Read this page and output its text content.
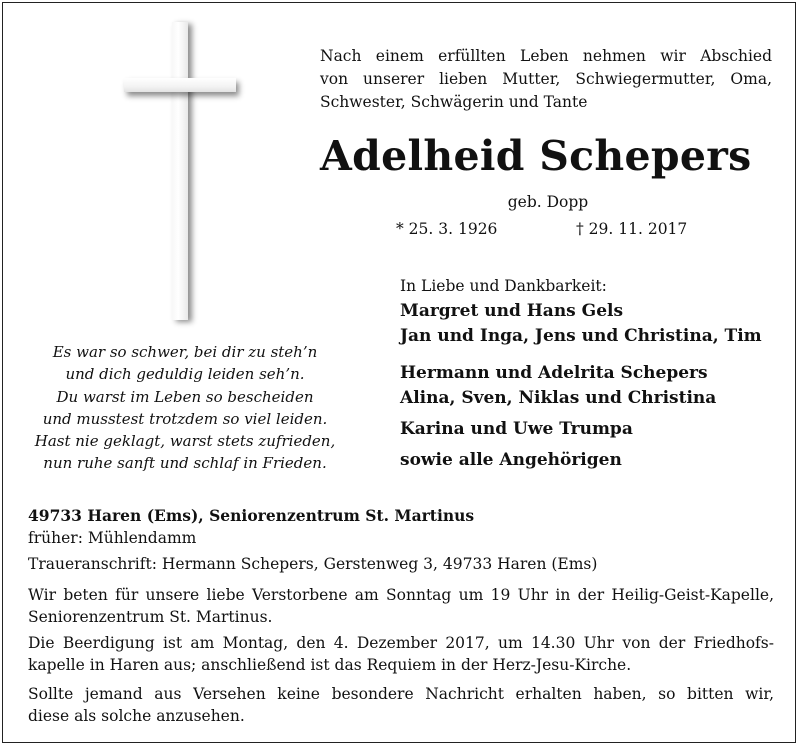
Nach einem erfüllten Leben nehmen wir Abschied
von unserer lieben Mutter, Schwiegermutter, Oma,
Schwester, Schwägerin und Tante
Adelheid Schepers
geb. Dopp
* 25. 3. 1926	† 29. 11. 2017
Es war so schwer, bei dir zu steh’n
und dich geduldig leiden seh’n.
Du warst im Leben so bescheiden
und musstest trotzdem so viel leiden.
Hast nie geklagt, warst stets zufrieden,
nun ruhe sanft und schlaf in Frieden.
In Liebe und Dankbarkeit:
Margret und Hans Gels
Jan und Inga, Jens und Christina, Tim
Hermann und Adelrita Schepers
Alina, Sven, Niklas und Christina
Karina und Uwe Trumpa
sowie alle Angehörigen
49733 Haren (Ems), Seniorenzentrum St. Martinus
früher: Mühlendamm
Traueranschrift: Hermann Schepers, Gerstenweg 3, 49733 Haren (Ems)
Wir beten für unsere liebe Verstorbene am Sonntag um 19 Uhr in der Heilig-Geist-Kapelle,
Seniorenzentrum St. Martinus.
Die Beerdigung ist am Montag, den 4. Dezember 2017, um 14.30 Uhr von der Friedhofs-
kapelle in Haren aus; anschließend ist das Requiem in der Herz-Jesu-Kirche.
Sollte jemand aus Versehen keine besondere Nachricht erhalten haben, so bitten wir,
diese als solche anzusehen.
